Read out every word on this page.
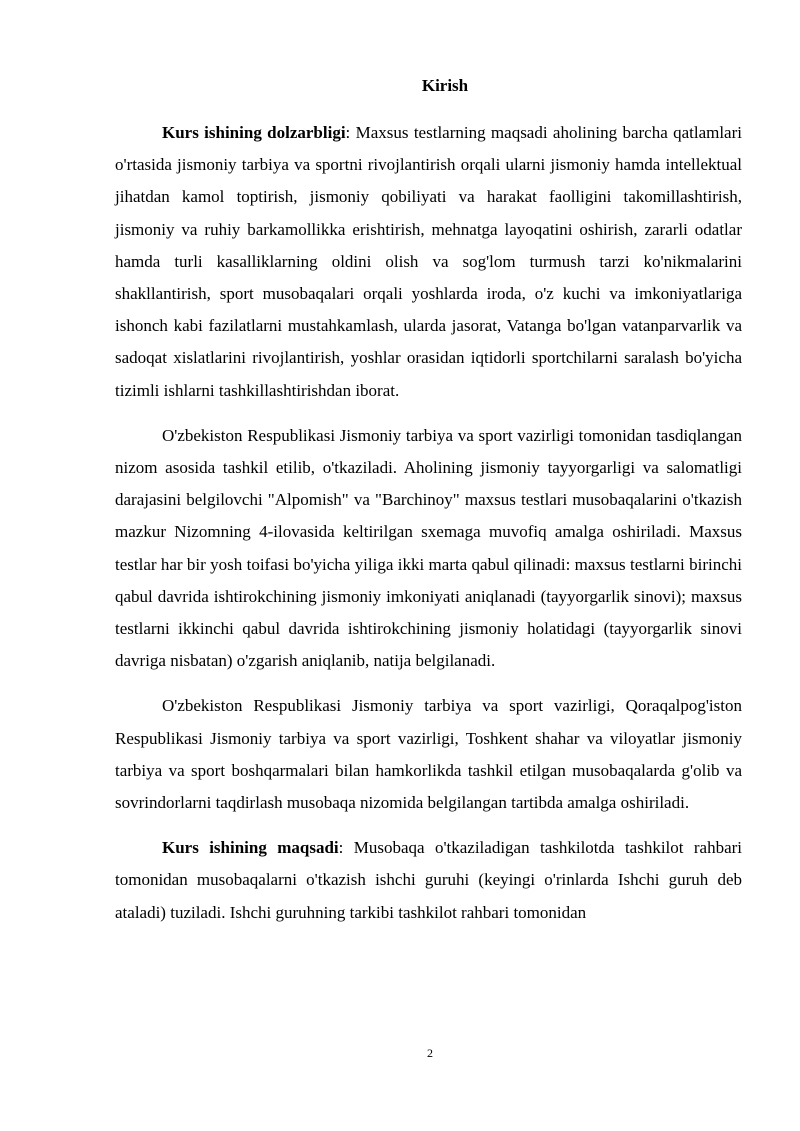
Kirish

Kurs ishining dolzarbligi: Maxsus testlarning maqsadi aholining barcha qatlamlari o'rtasida jismoniy tarbiya va sportni rivojlantirish orqali ularni jismoniy hamda intellektual jihatdan kamol toptirish, jismoniy qobiliyati va harakat faolligini takomillashtirish, jismoniy va ruhiy barkamollikka erishtirish, mehnatga layoqatini oshirish, zararli odatlar hamda turli kasalliklarning oldini olish va sog'lom turmush tarzi ko'nikmalarini shakllantirish, sport musobaqalari orqali yoshlarda iroda, o'z kuchi va imkoniyatlariga ishonch kabi fazilatlarni mustahkamlash, ularda jasorat, Vatanga bo'lgan vatanparvarlik va sadoqat xislatlarini rivojlantirish, yoshlar orasidan iqtidorli sportchilarni saralash bo'yicha tizimli ishlarni tashkillashtirishdan iborat.

O'zbekiston Respublikasi Jismoniy tarbiya va sport vazirligi tomonidan tasdiqlangan nizom asosida tashkil etilib, o'tkaziladi. Aholining jismoniy tayyorgarligi va salomatligi darajasini belgilovchi "Alpomish" va "Barchinoy" maxsus testlari musobaqalarini o'tkazish mazkur Nizomning 4-ilovasida keltirilgan sxemaga muvofiq amalga oshiriladi. Maxsus testlar har bir yosh toifasi bo'yicha yiliga ikki marta qabul qilinadi: maxsus testlarni birinchi qabul davrida ishtirokchining jismoniy imkoniyati aniqlanadi (tayyorgarlik sinovi); maxsus testlarni ikkinchi qabul davrida ishtirokchining jismoniy holatidagi (tayyorgarlik sinovi davriga nisbatan) o'zgarish aniqlanib, natija belgilanadi.

O'zbekiston Respublikasi Jismoniy tarbiya va sport vazirligi, Qoraqalpog'iston Respublikasi Jismoniy tarbiya va sport vazirligi, Toshkent shahar va viloyatlar jismoniy tarbiya va sport boshqarmalari bilan hamkorlikda tashkil etilgan musobaqalarda g'olib va sovrindorlarni taqdirlash musobaqa nizomida belgilangan tartibda amalga oshiriladi.

Kurs ishining maqsadi: Musobaqa o'tkaziladigan tashkilotda tashkilot rahbari tomonidan musobaqalarni o'tkazish ishchi guruhi (keyingi o'rinlarda Ishchi guruh deb ataladi) tuziladi. Ishchi guruhning tarkibi tashkilot rahbari tomonidan

2
